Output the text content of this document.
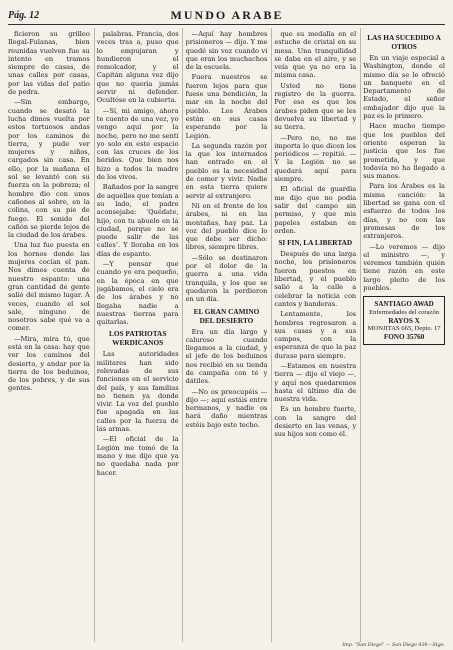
Pág. 12	MUNDO ARABE

ficieron su grilleo Ilegal-Fulanas, bien reunidas vuelven fue su intento en tramos siempre de casas, de unas calles por casas, por las vidas del patio de pedra.

—Sin embargo, cuando se desató la lucha dimos vuelta por estos tortuosos andas por los caminos de tierra, y pude ver mujeres y niños, cargados sin casa. En ello, por la mañana el sol se levantó con su fuerza en la pobreza; el hombre dio con unos cañones al sobre, en la colina, con su pie de fuego. El sonido del cañón se pierde lejos de la ciudad de los árabes.

Una luz fue puesta en los hornos donde las mujeres cocían el pan. Nos dimos cuenta de nuestro espanto: una gran cantidad de gente salió del mismo lugar. A veces, cuando el sol sale, ninguno de nosotros sabe qué va a comer.

—Mira, mira tú, que está en la casa: hay que ver los caminos del desierto, y andar por la tierra de los beduinos, de los pobres, y de sus gentes.

palabras. Francia, dos veces tras a, puso que lo empujaran y hundieron el remolcador, y el Capitán alguna vez dijo que no quería jamás servir ni defender. Ocultóse en la cubierta.

—Sí, mi amigo, ahora te cuento de una vez, yo vengo aquí por la noche, pero no me sentí yo solo en este espacio con las cruces de los heridos. Que bien nos hizo a todos la madre de los vivos.

Bañados por la sangre de aquellos que tenían a su lado, el padre aconsejaba: ‘Quédate, hijo, con tu abuelo en la ciudad, porque no se puede salir de las calles’. Y lloraba en los días de espanto.

—Y pensar que cuando yo era pequeño, en la época en que jugábamos, el cielo era de los árabes y no llegaba nadie a nuestras tierras para quitarlas.

LOS PATRIOTAS WERDICANOS

Las autoridades militares han sido relevadas de sus funciones en el servicio del país, y sus familias no tienen ya donde vivir. La voz del pueblo fue apagada en las calles por la fuerza de las armas.

—El oficial de la Legión me tomó de la mano y me dijo que ya no quedaba nada por hacer.

—Aquí hay hombres prisioneros — dijo. Y me quedé sin voz cuando vi que eran los muchachos de la escuela.

Fuera nuestros se fueron lejos para que fuese una bendición, la mar en la noche del pueblo. Los Árabes están en sus casas esperando por la Legión.

La segunda razón por la que los internados han entrado en el pueblo es la necesidad de comer y vivir. Nadie en esta tierra quiere servir al extranjero.

Ni en el frente de los árabes, ni en las montañas, hay paz. La voz del pueblo dice lo que debe ser dicho: libres, siempre libres.

—Sólo se destinaron por el dolor de la guerra a una vida tranquila, y los que se quedaron la perdieron en un día.

EL GRAN CAMINO DEL DESIERTO

Era un día largo y caluroso cuando llegamos a la ciudad, y el jefe de los beduinos nos recibió en su tienda de campaña con té y dátiles.

—No os preocupéis — dijo —; aquí estáis entre hermanos, y nadie os hará daño mientras estéis bajo este techo.

que su medalla en el estuche de cristal en su mesa. Una tranquilidad se daba en el aire, y se veía que ya no era la misma casa.

Usted no tiene registro de la guerra. Por eso es que los árabes piden que se les devuelva su libertad y su tierra.

—Pero no, no me importa lo que dicen los periódicos — repitió. —Y la Legión no se quedará aquí para siempre.

El oficial de guardia me dijo que no podía salir del campo sin permiso, y que mis papeles estaban en orden.

SI FIN, LA LIBERTAD

Después de una larga noche, los prisioneros fueron puestos en libertad, y el pueblo salió a la calle a celebrar la noticia con cantos y banderas.

Lentamente, los hombres regresaron a sus casas y a sus campos, con la esperanza de que la paz durase para siempre.

—Estamos en nuestra tierra — dijo el viejo —, y aquí nos quedaremos hasta el último día de nuestra vida.

Es un hombre fuerte, con la sangre del desierto en las venas, y sus hijos son como él.

LAS HA SUCEDIDO A OTROS

En un viaje especial a Washington, donde el mismo día se le ofreció un banquete en el Departamento de Estado, el señor embajador dijo que la paz es lo primero.

Hace mucho tiempo que los pueblos del oriente esperan la justicia que les fue prometida, y que todavía no ha llegado a sus manos.

Para los Árabes es la misma canción: la libertad se gana con el esfuerzo de todos los días, y no con las promesas de los extranjeros.

—Lo veremos — dijo el ministro —, y veremos también quién tiene razón en este largo pleito de los pueblos.

SANTIAGO AWAD
Enfermedades del corazón
RAYOS X
MONJITAS 665, Depto. 17
FONO 35760
Imp. "San Diego" — San Diego 436—Stgo.
